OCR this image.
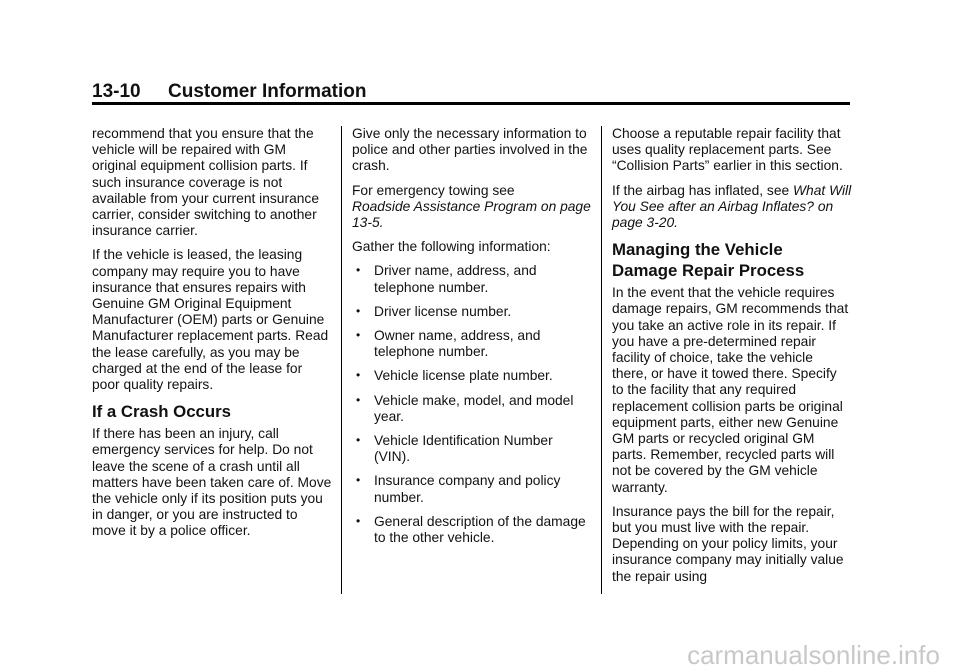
13-10 Customer Information

recommend that you ensure that the vehicle will be repaired with GM original equipment collision parts. If such insurance coverage is not available from your current insurance carrier, consider switching to another insurance carrier.

If the vehicle is leased, the leasing company may require you to have insurance that ensures repairs with Genuine GM Original Equipment Manufacturer (OEM) parts or Genuine Manufacturer replacement parts. Read the lease carefully, as you may be charged at the end of the lease for poor quality repairs.

If a Crash Occurs

If there has been an injury, call emergency services for help. Do not leave the scene of a crash until all matters have been taken care of. Move the vehicle only if its position puts you in danger, or you are instructed to move it by a police officer.

Give only the necessary information to police and other parties involved in the crash.

For emergency towing see
Roadside Assistance Program on page 13-5.

Gather the following information:

• Driver name, address, and telephone number.
• Driver license number.
• Owner name, address, and telephone number.
• Vehicle license plate number.
• Vehicle make, model, and model year.
• Vehicle Identification Number (VIN).
• Insurance company and policy number.
• General description of the damage to the other vehicle.

Choose a reputable repair facility that uses quality replacement parts. See “Collision Parts” earlier in this section.

If the airbag has inflated, see What Will You See after an Airbag Inflates? on page 3-20.

Managing the Vehicle Damage Repair Process

In the event that the vehicle requires damage repairs, GM recommends that you take an active role in its repair. If you have a pre-determined repair facility of choice, take the vehicle there, or have it towed there. Specify to the facility that any required replacement collision parts be original equipment parts, either new Genuine GM parts or recycled original GM parts. Remember, recycled parts will not be covered by the GM vehicle warranty.

Insurance pays the bill for the repair, but you must live with the repair. Depending on your policy limits, your insurance company may initially value the repair using

carmanualsonline.info
